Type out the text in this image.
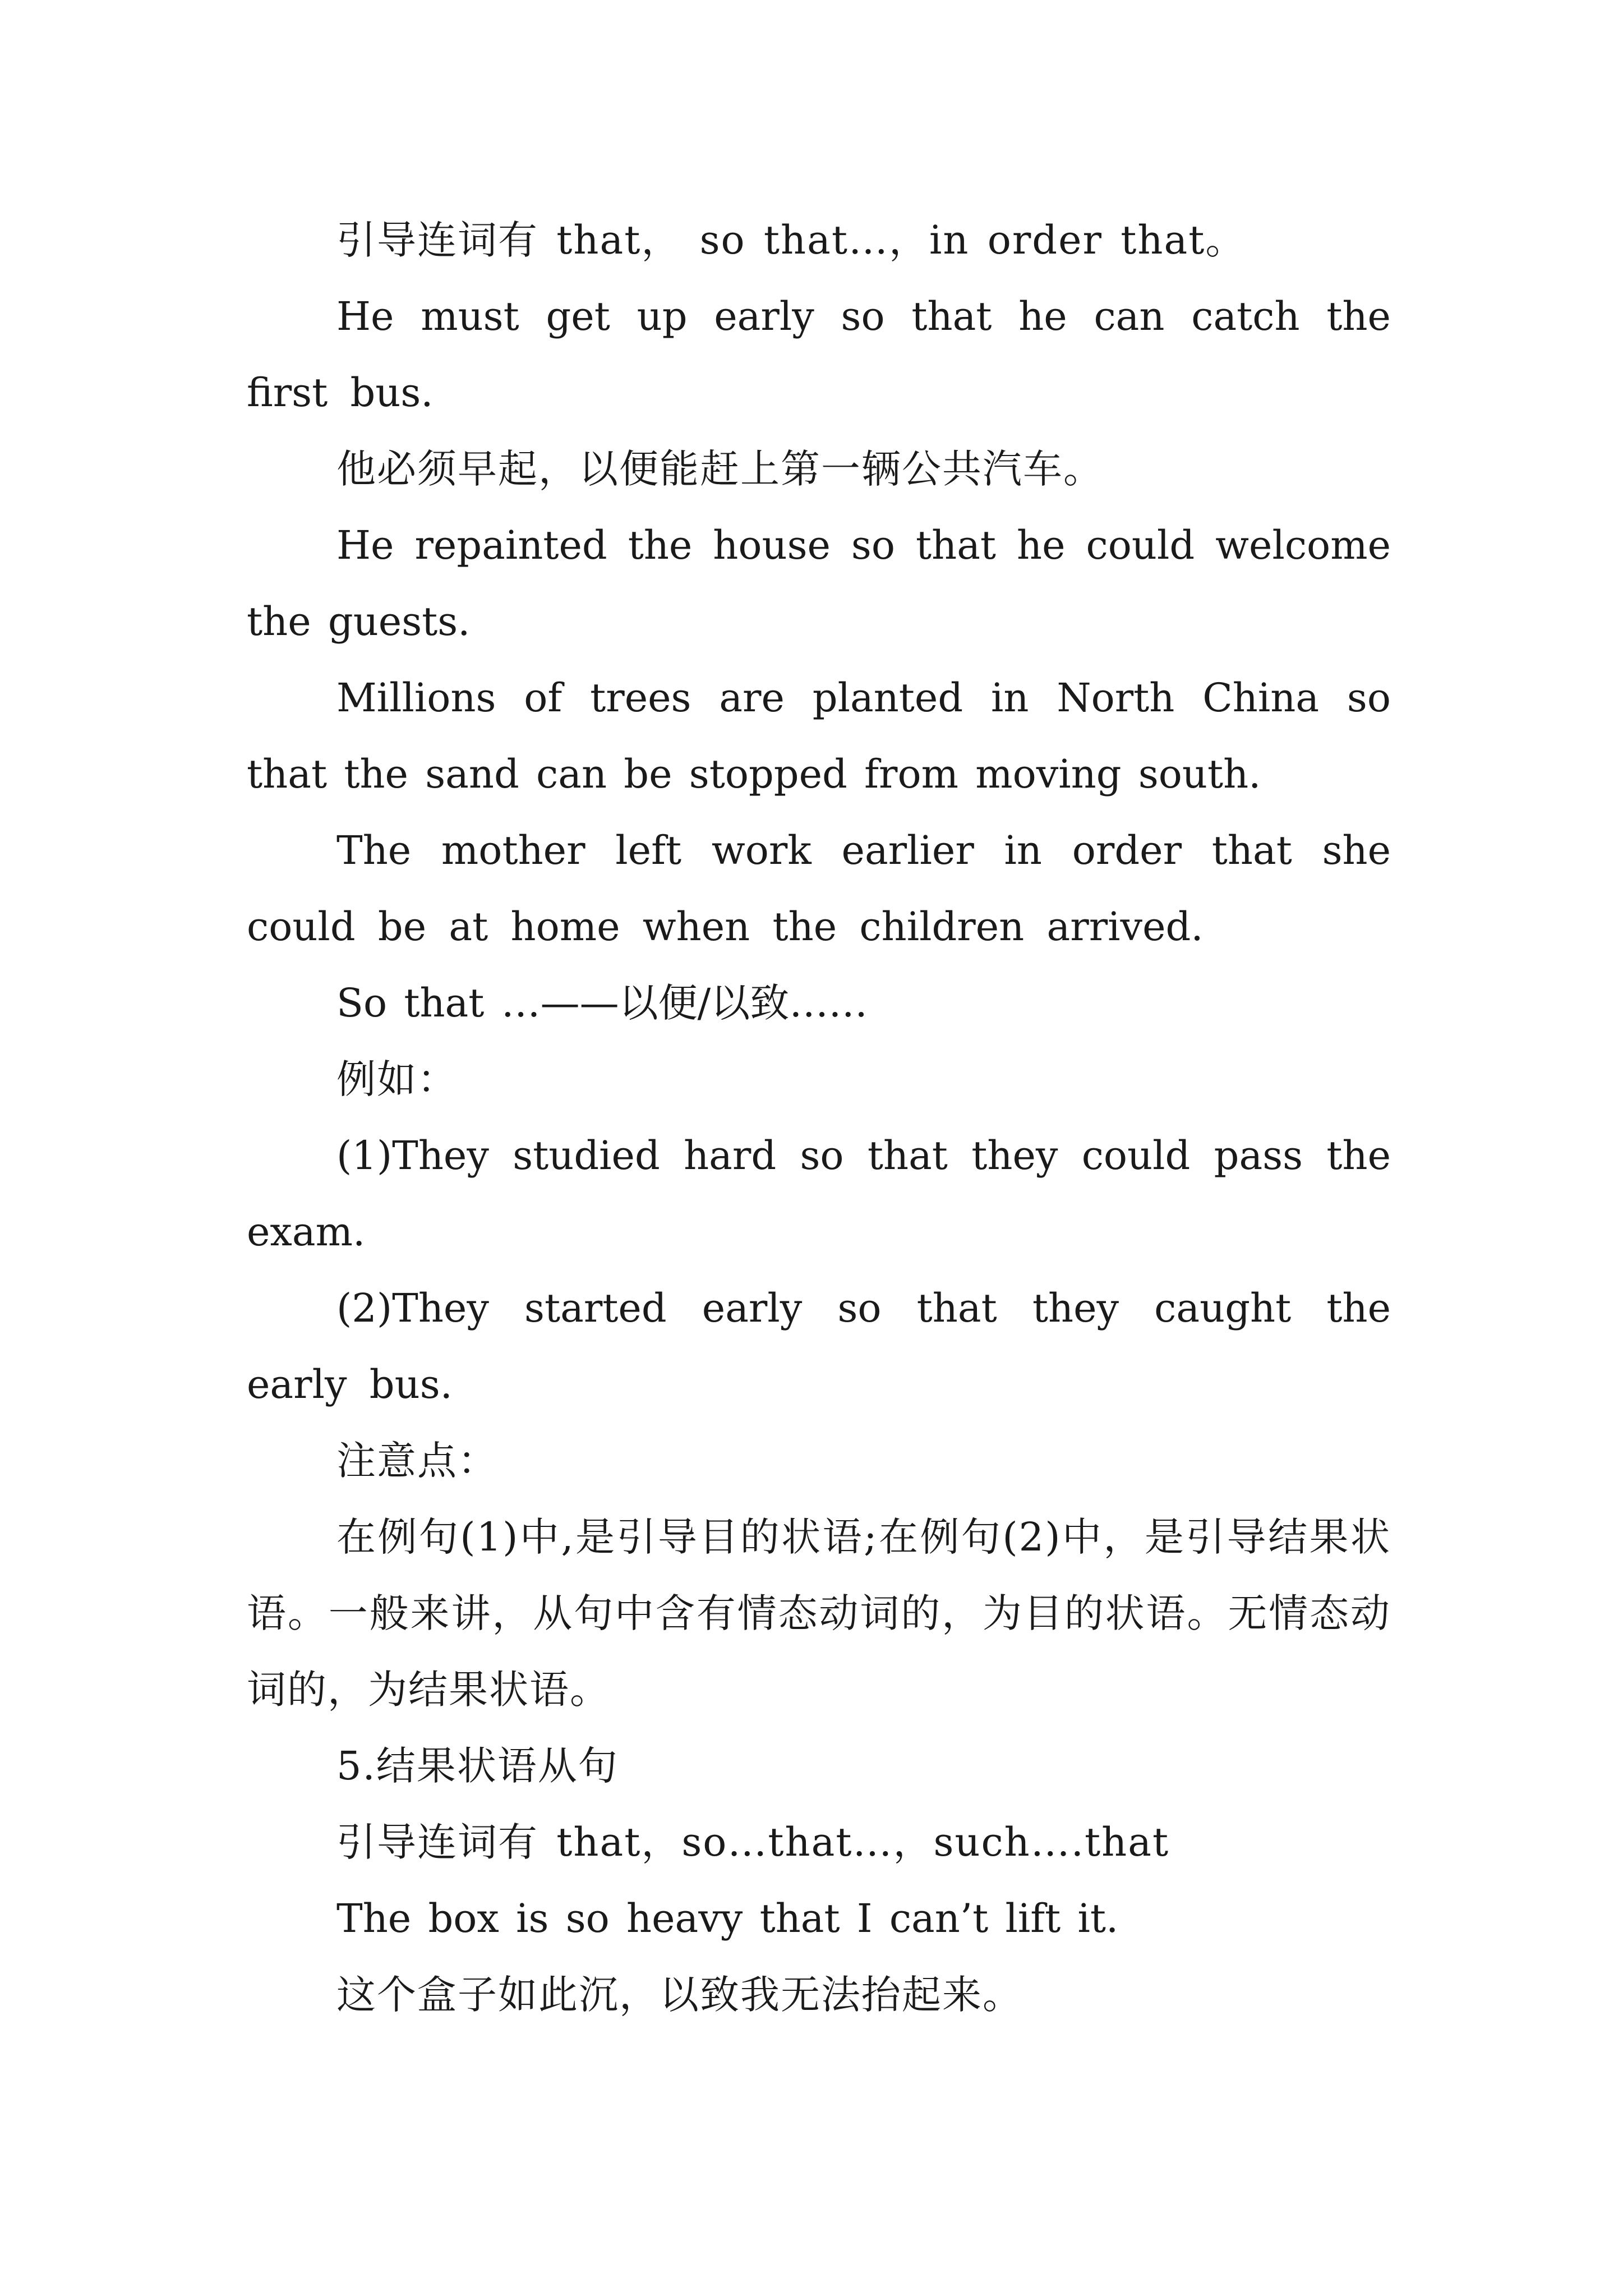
引导连词有 that， so that…，in order that。

He must get up early so that he can catch the first bus.

他必须早起，以便能赶上第一辆公共汽车。

He repainted the house so that he could welcome the guests.

Millions of trees are planted in North China so that the sand can be stopped from moving south.

The mother left work earlier in order that she could be at home when the children arrived.

So that …——以便/以致……

例如：

(1)They studied hard so that they could pass the exam.

(2)They started early so that they caught the early bus.

注意点：

在例句(1)中,是引导目的状语;在例句(2)中，是引导结果状语。一般来讲，从句中含有情态动词的，为目的状语。无情态动词的，为结果状语。

5.结果状语从句

引导连词有 that，so…that…，such….that

The box is so heavy that I can’t lift it.

这个盒子如此沉，以致我无法抬起来。
